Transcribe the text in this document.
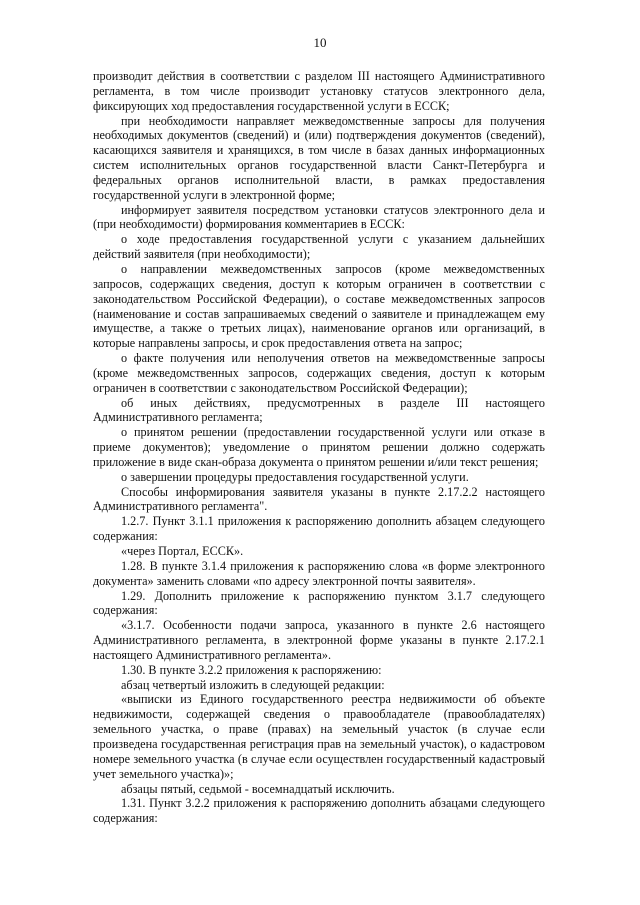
10

производит действия в соответствии с разделом III настоящего Административного регламента, в том числе производит установку статусов электронного дела, фиксирующих ход предоставления государственной услуги в ЕССК;

при необходимости направляет межведомственные запросы для получения необходимых документов (сведений) и (или) подтверждения документов (сведений), касающихся заявителя и хранящихся, в том числе в базах данных информационных систем исполнительных органов государственной власти Санкт-Петербурга и федеральных органов исполнительной власти, в рамках предоставления государственной услуги в электронной форме;

информирует заявителя посредством установки статусов электронного дела и (при необходимости) формирования комментариев в ЕССК:

о ходе предоставления государственной услуги с указанием дальнейших действий заявителя (при необходимости);

о направлении межведомственных запросов (кроме межведомственных запросов, содержащих сведения, доступ к которым ограничен в соответствии с законодательством Российской Федерации), о составе межведомственных запросов (наименование и состав запрашиваемых сведений о заявителе и принадлежащем ему имуществе, а также о третьих лицах), наименование органов или организаций, в которые направлены запросы, и срок предоставления ответа на запрос;

о факте получения или неполучения ответов на межведомственные запросы (кроме межведомственных запросов, содержащих сведения, доступ к которым ограничен в соответствии с законодательством Российской Федерации);

об иных действиях, предусмотренных в разделе III настоящего Административного регламента;

о принятом решении (предоставлении государственной услуги или отказе в приеме документов); уведомление о принятом решении должно содержать приложение в виде скан-образа документа о принятом решении и/или текст решения;

о завершении процедуры предоставления государственной услуги.

Способы информирования заявителя указаны в пункте 2.17.2.2 настоящего Административного регламента".

1.2.7. Пункт 3.1.1 приложения к распоряжению дополнить абзацем следующего содержания:

«через Портал, ЕССК».

1.28. В пункте 3.1.4 приложения к распоряжению слова «в форме электронного документа» заменить словами «по адресу электронной почты заявителя».

1.29. Дополнить приложение к распоряжению пунктом 3.1.7 следующего содержания:

«3.1.7. Особенности подачи запроса, указанного в пункте 2.6 настоящего Административного регламента, в электронной форме указаны в пункте 2.17.2.1 настоящего Административного регламента».

1.30. В пункте 3.2.2 приложения к распоряжению:

абзац четвертый изложить в следующей редакции:

«выписки из Единого государственного реестра недвижимости об объекте недвижимости, содержащей сведения о правообладателе (правообладателях) земельного участка, о праве (правах) на земельный участок (в случае если произведена государственная регистрация прав на земельный участок), о кадастровом номере земельного участка (в случае если осуществлен государственный кадастровый учет земельного участка)»;

абзацы пятый, седьмой - восемнадцатый исключить.

1.31. Пункт 3.2.2 приложения к распоряжению дополнить абзацами следующего содержания:
